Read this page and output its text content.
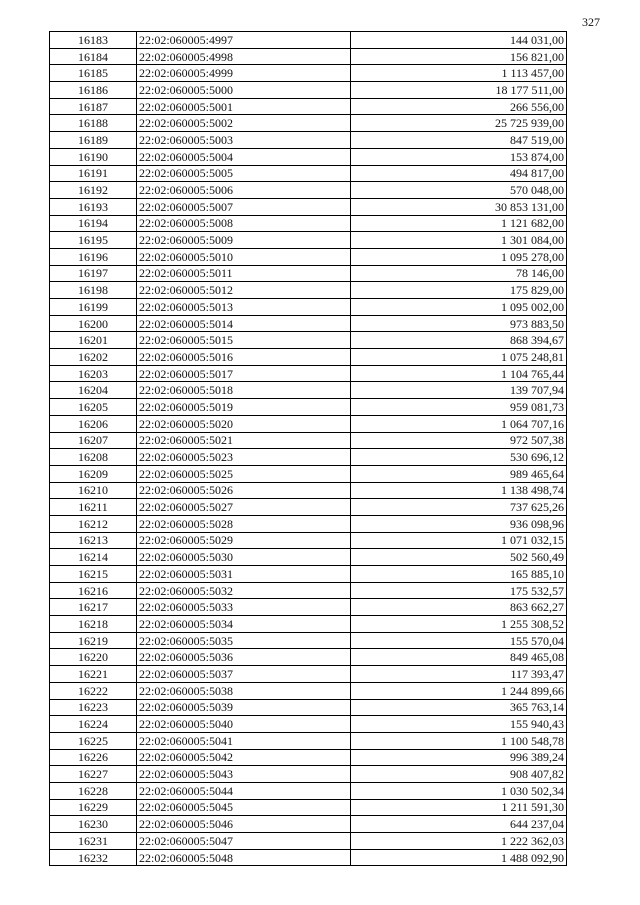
327
16183	22:02:060005:4997	144 031,00
16184	22:02:060005:4998	156 821,00
16185	22:02:060005:4999	1 113 457,00
16186	22:02:060005:5000	18 177 511,00
16187	22:02:060005:5001	266 556,00
16188	22:02:060005:5002	25 725 939,00
16189	22:02:060005:5003	847 519,00
16190	22:02:060005:5004	153 874,00
16191	22:02:060005:5005	494 817,00
16192	22:02:060005:5006	570 048,00
16193	22:02:060005:5007	30 853 131,00
16194	22:02:060005:5008	1 121 682,00
16195	22:02:060005:5009	1 301 084,00
16196	22:02:060005:5010	1 095 278,00
16197	22:02:060005:5011	78 146,00
16198	22:02:060005:5012	175 829,00
16199	22:02:060005:5013	1 095 002,00
16200	22:02:060005:5014	973 883,50
16201	22:02:060005:5015	868 394,67
16202	22:02:060005:5016	1 075 248,81
16203	22:02:060005:5017	1 104 765,44
16204	22:02:060005:5018	139 707,94
16205	22:02:060005:5019	959 081,73
16206	22:02:060005:5020	1 064 707,16
16207	22:02:060005:5021	972 507,38
16208	22:02:060005:5023	530 696,12
16209	22:02:060005:5025	989 465,64
16210	22:02:060005:5026	1 138 498,74
16211	22:02:060005:5027	737 625,26
16212	22:02:060005:5028	936 098,96
16213	22:02:060005:5029	1 071 032,15
16214	22:02:060005:5030	502 560,49
16215	22:02:060005:5031	165 885,10
16216	22:02:060005:5032	175 532,57
16217	22:02:060005:5033	863 662,27
16218	22:02:060005:5034	1 255 308,52
16219	22:02:060005:5035	155 570,04
16220	22:02:060005:5036	849 465,08
16221	22:02:060005:5037	117 393,47
16222	22:02:060005:5038	1 244 899,66
16223	22:02:060005:5039	365 763,14
16224	22:02:060005:5040	155 940,43
16225	22:02:060005:5041	1 100 548,78
16226	22:02:060005:5042	996 389,24
16227	22:02:060005:5043	908 407,82
16228	22:02:060005:5044	1 030 502,34
16229	22:02:060005:5045	1 211 591,30
16230	22:02:060005:5046	644 237,04
16231	22:02:060005:5047	1 222 362,03
16232	22:02:060005:5048	1 488 092,90
